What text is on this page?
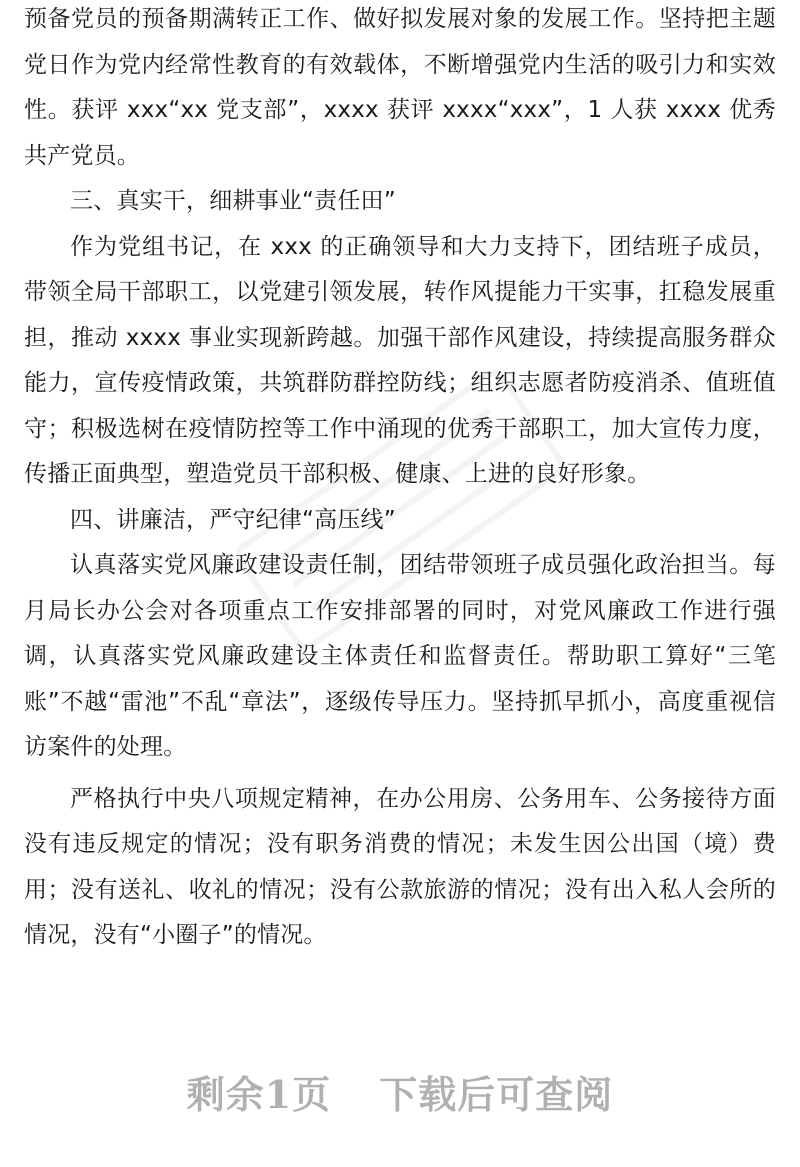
预备党员的预备期满转正工作、做好拟发展对象的发展工作。坚持把主题党日作为党内经常性教育的有效载体，不断增强党内生活的吸引力和实效性。获评 xxx“xx 党支部”，xxxx 获评 xxxx“xxx”，1 人获 xxxx 优秀共产党员。

三、真实干，细耕事业“责任田”

作为党组书记，在 xxx 的正确领导和大力支持下，团结班子成员，带领全局干部职工，以党建引领发展，转作风提能力干实事，扛稳发展重担，推动 xxxx 事业实现新跨越。加强干部作风建设，持续提高服务群众能力，宣传疫情政策，共筑群防群控防线；组织志愿者防疫消杀、值班值守；积极选树在疫情防控等工作中涌现的优秀干部职工，加大宣传力度，传播正面典型，塑造党员干部积极、健康、上进的良好形象。

四、讲廉洁，严守纪律“高压线”

认真落实党风廉政建设责任制，团结带领班子成员强化政治担当。每月局长办公会对各项重点工作安排部署的同时，对党风廉政工作进行强调，认真落实党风廉政建设主体责任和监督责任。帮助职工算好“三笔账”不越“雷池”不乱“章法”，逐级传导压力。坚持抓早抓小，高度重视信访案件的处理。

严格执行中央八项规定精神，在办公用房、公务用车、公务接待方面没有违反规定的情况；没有职务消费的情况；未发生因公出国（境）费用；没有送礼、收礼的情况；没有公款旅游的情况；没有出入私人会所的情况，没有“小圈子”的情况。

剩余1页 下载后可查阅
